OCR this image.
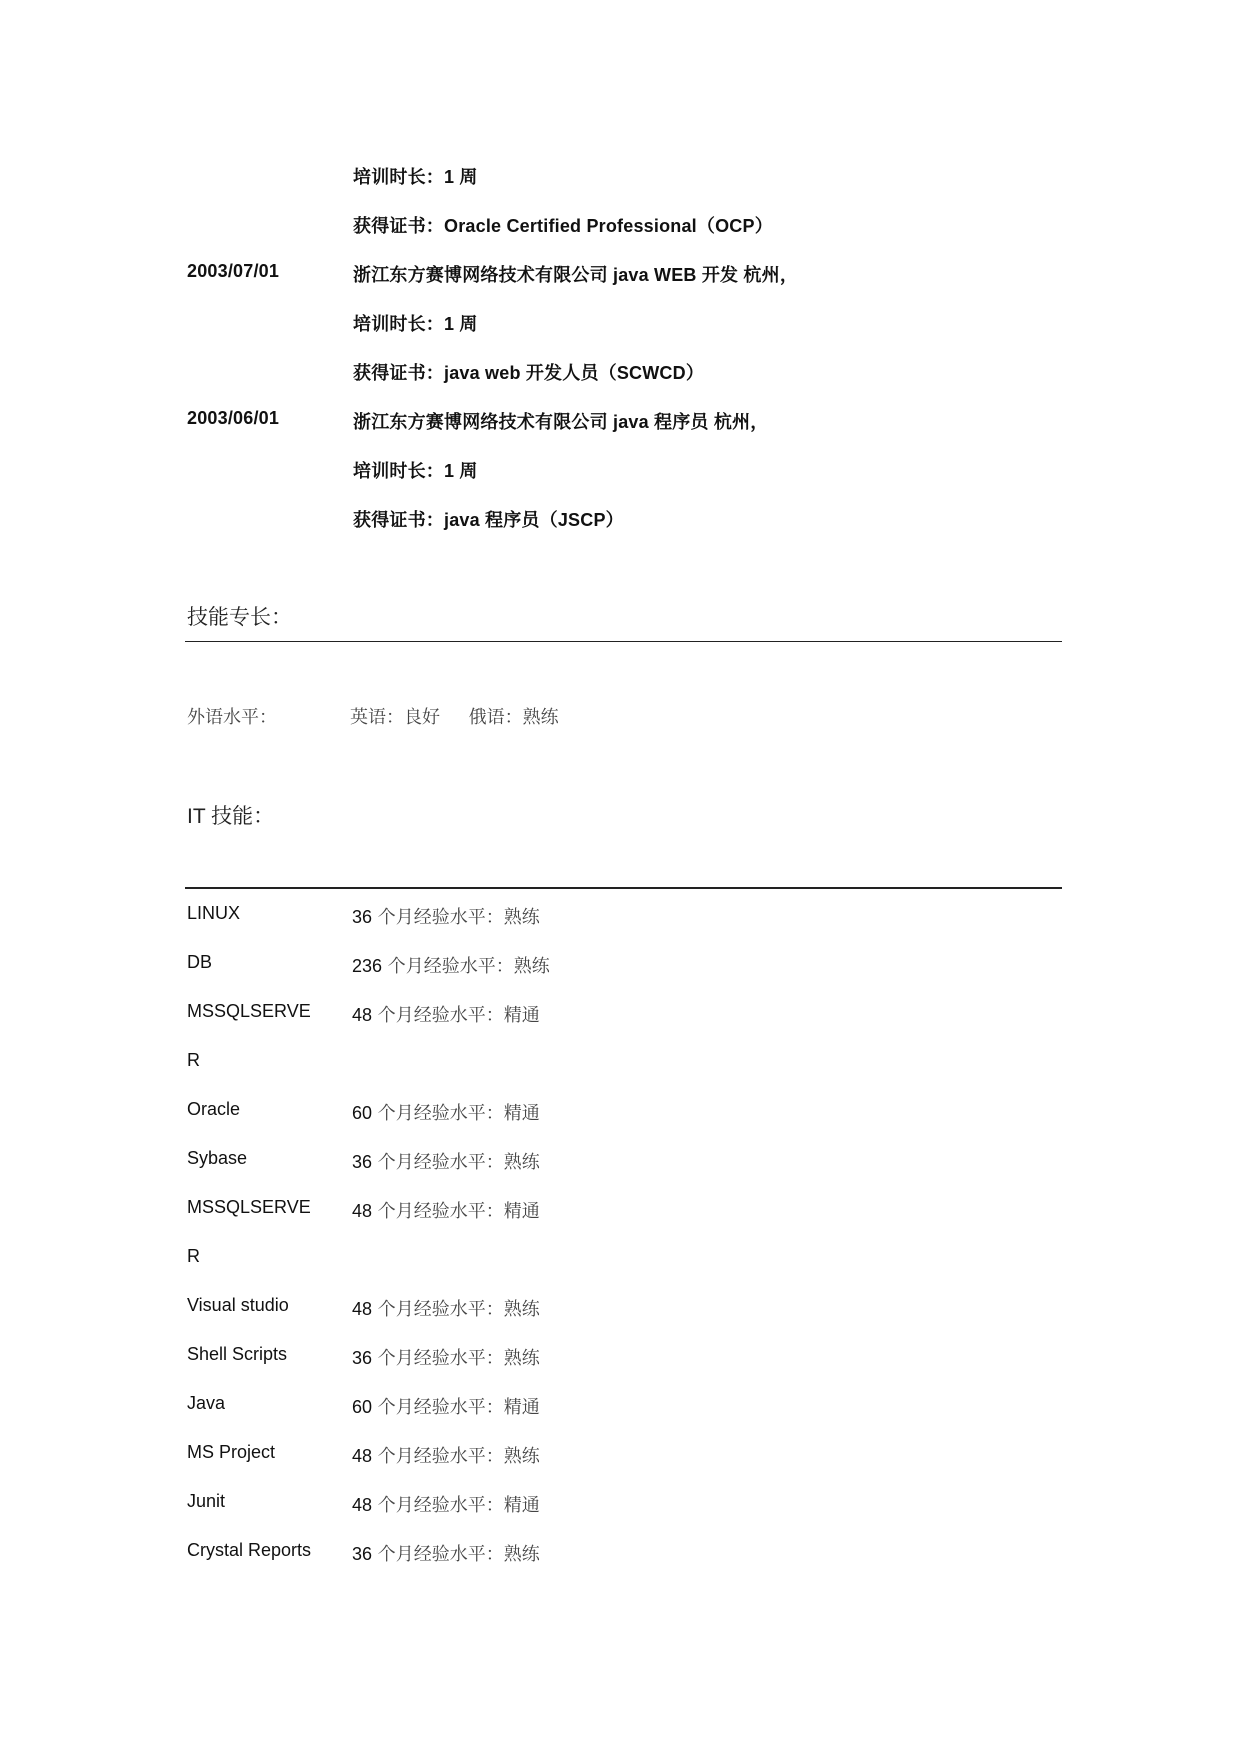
培训时长：1 周
获得证书：Oracle Certified Professional（OCP）
2003/07/01	浙江东方赛博网络技术有限公司 java WEB 开发 杭州，
培训时长：1 周
获得证书：java web 开发人员（SCWCD）
2003/06/01	浙江东方赛博网络技术有限公司 java 程序员 杭州，
培训时长：1 周
获得证书：java 程序员（JSCP）
技能专长：
外语水平：	英语：良好     俄语：熟练
IT 技能：
LINUX	36 个月经验水平：熟练
DB	236 个月经验水平：熟练
MSSQLSERVE 48 个月经验水平：精通
R
Oracle	60 个月经验水平：精通
Sybase	36 个月经验水平：熟练
MSSQLSERVE 48 个月经验水平：精通
R
Visual studio	48 个月经验水平：熟练
Shell Scripts	36 个月经验水平：熟练
Java	60 个月经验水平：精通
MS Project	48 个月经验水平：熟练
Junit	48 个月经验水平：精通
Crystal Reports 36 个月经验水平：熟练
